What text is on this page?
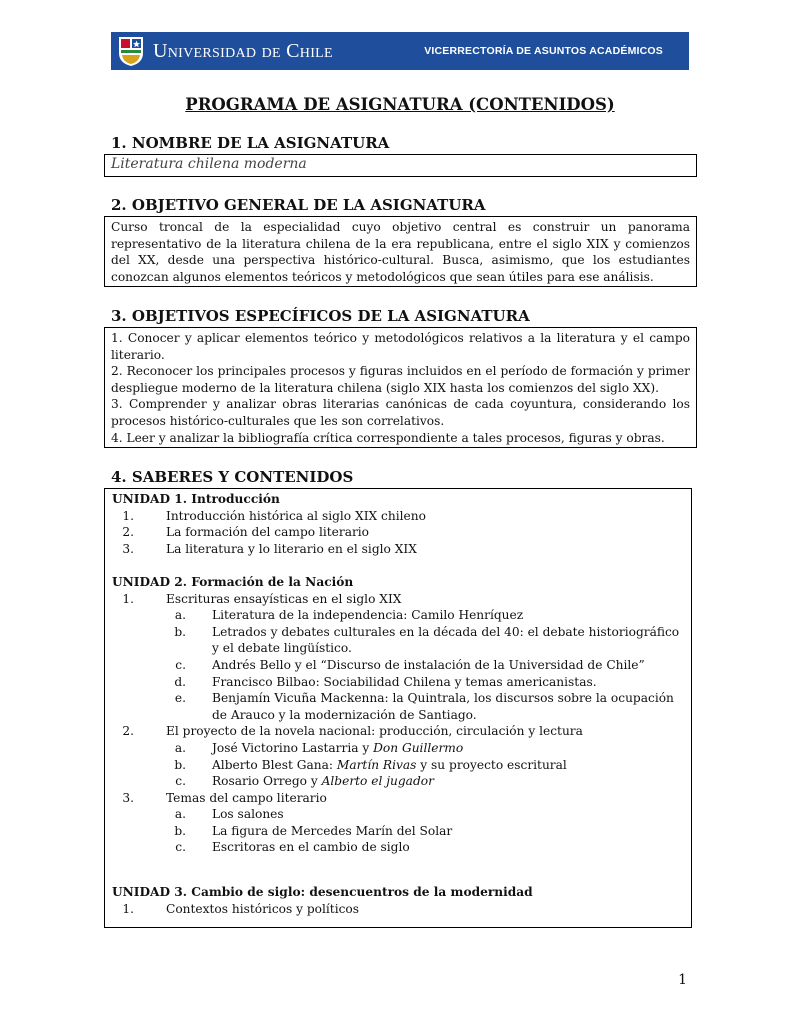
Universidad de Chile	VICERRECTORÍA DE ASUNTOS ACADÉMICOS
PROGRAMA DE ASIGNATURA (CONTENIDOS)
1. NOMBRE DE LA ASIGNATURA
Literatura chilena moderna
2. OBJETIVO GENERAL DE LA ASIGNATURA
Curso troncal de la especialidad cuyo objetivo central es construir un panorama representativo de la literatura chilena de la era republicana, entre el siglo XIX y comienzos del XX, desde una perspectiva histórico-cultural. Busca, asimismo, que los estudiantes conozcan algunos elementos teóricos y metodológicos que sean útiles para ese análisis.
3. OBJETIVOS ESPECÍFICOS DE LA ASIGNATURA
1. Conocer y aplicar elementos teórico y metodológicos relativos a la literatura y el campo literario.
2. Reconocer los principales procesos y figuras incluidos en el período de formación y primer despliegue moderno de la literatura chilena (siglo XIX hasta los comienzos del siglo XX).
3. Comprender y analizar obras literarias canónicas de cada coyuntura, considerando los procesos histórico-culturales que les son correlativos.
4. Leer y analizar la bibliografía crítica correspondiente a tales procesos, figuras y obras.
4. SABERES Y CONTENIDOS
UNIDAD 1. Introducción
1.	Introducción histórica al siglo XIX chileno
2.	La formación del campo literario
3.	La literatura y lo literario en el siglo XIX
UNIDAD 2. Formación de la Nación
1.	Escrituras ensayísticas en el siglo XIX
a.	Literatura de la independencia: Camilo Henríquez
b.	Letrados y debates culturales en la década del 40: el debate historiográfico y el debate lingüístico.
c.	Andrés Bello y el “Discurso de instalación de la Universidad de Chile”
d.	Francisco Bilbao: Sociabilidad Chilena y temas americanistas.
e.	Benjamín Vicuña Mackenna: la Quintrala, los discursos sobre la ocupación de Arauco y la modernización de Santiago.
2.	El proyecto de la novela nacional: producción, circulación y lectura
a.	José Victorino Lastarria y Don Guillermo
b.	Alberto Blest Gana: Martín Rivas y su proyecto escritural
c.	Rosario Orrego y Alberto el jugador
3.	Temas del campo literario
a.	Los salones
b.	La figura de Mercedes Marín del Solar
c.	Escritoras en el cambio de siglo
UNIDAD 3. Cambio de siglo: desencuentros de la modernidad
1.	Contextos históricos y políticos
1
